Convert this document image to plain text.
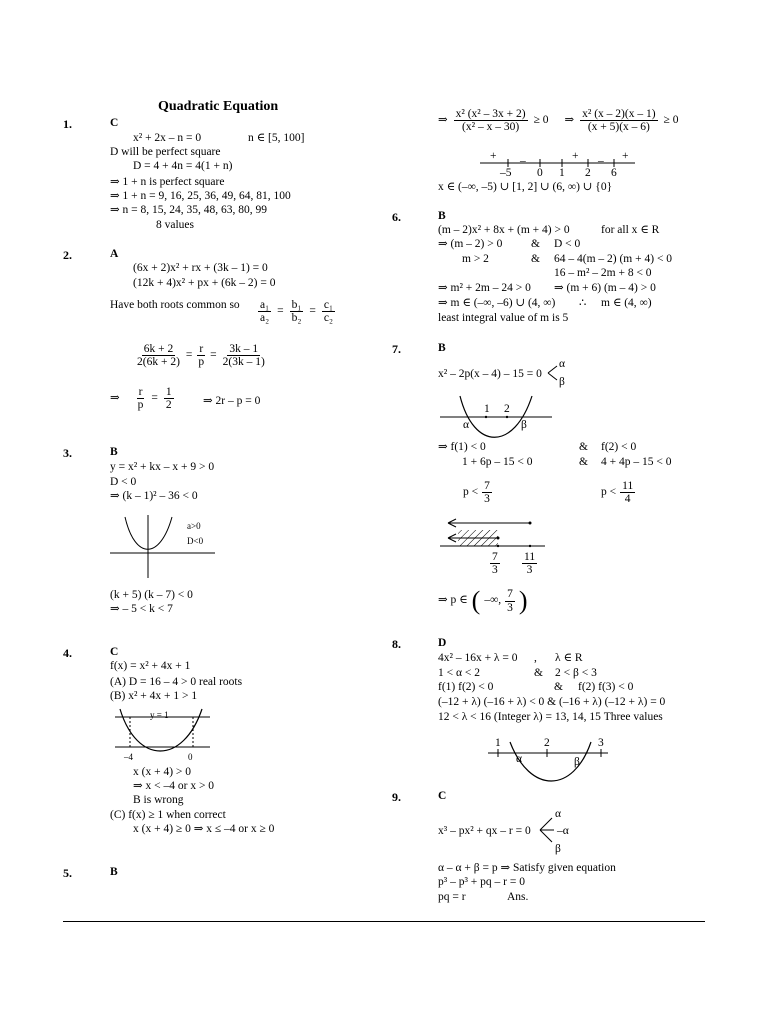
Quadratic Equation
1.	C
x² + 2x – n = 0	n ∈ [5, 100]
D will be perfect square
D = 4 + 4n = 4(1 + n)
⇒ 1 + n is perfect square
⇒ 1 + n = 9, 16, 25, 36, 49, 64, 81, 100
⇒ n = 8, 15, 24, 35, 48, 63, 80, 99
8 values
2.	A
(6x + 2)x² + rx + (3k – 1) = 0
(12k + 4)x² + px + (6k – 2) = 0
Have both roots common so $\frac{\text{a₁}}{\text{a₂}} = \frac{\text{b₁}}{\text{b₂}} = \frac{\text{c₁}}{\text{c₂}}$
$\frac{6k + 2}{2(6k + 2)} = \frac{r}{p} = \frac{3k - 1}{2(3k - 1)}$
⇒ $\frac{r}{p} = \frac{1}{2}$	⇒ 2r – p = 0
3.	B
y = x² + kx – x + 9 > 0
D < 0
⇒ (k – 1)² – 36 < 0
a>0
D<0
(k + 5) (k – 7) < 0
⇒ – 5 < k < 7
4.	C
f(x) = x² + 4x + 1
(A) D = 16 – 4 > 0 real roots
(B) x² + 4x + 1 > 1
y = 1
–4	0
x (x + 4) > 0
⇒ x < –4 or x > 0
B is wrong
(C) f(x) ≥ 1 when correct
x (x + 4) ≥ 0 ⇒ x ≤ –4 or x ≥ 0
5.	B
⇒ $\frac{\text{x² (x² – 3x + 2)}}{\text{(x² – x – 30)}} \ge 0$ ⇒ $\frac{\text{x² (x – 2)(x – 1)}}{(x + 5)(x - 6)} \ge 0$
+ –	+ – +
–5 0 1 2 6
x ∈ (–∞, –5) ∪ [1, 2] ∪ (6, ∞) ∪ {0}
6.	B
(m – 2)x² + 8x + (m + 4) > 0	for all x ∈ R
⇒ (m – 2) > 0 & D < 0
m > 2	& 64 – 4(m – 2) (m + 4) < 0
16 – m² – 2m + 8 < 0
⇒ m² + 2m – 24 > 0 ⇒ (m + 6) (m – 4) > 0
⇒ m ∈ (–∞, –6) ∪ (4, ∞) ∴ m ∈ (4, ∞)
least integral value of m is 5
7.	B
x² – 2p(x – 4) – 15 = 0
α
β
1 2
α	β
⇒ f(1) < 0	& f(2) < 0
1 + 6p – 15 < 0	& 4 + 4p – 15 < 0
$p < \frac{7}{3}$	$p < \frac{11}{4}$
$\frac{7}{3} \frac{11}{3}$
⇒ p ∈ ( –∞, $\frac{7}{3}$ )
8.	D
4x² – 16x + λ = 0 , λ ∈ R
1 < α < 2	& 2 < β < 3
f(1) f(2) < 0	& f(2) f(3) < 0
(–12 + λ) (–16 + λ) < 0 & (–16 + λ) (–12 + λ) = 0
12 < λ < 16 (Integer λ) = 13, 14, 15 Three values
1	2	3
α	β
9.	C
x³ – px² + qx – r = 0
α
–α
β
α – α + β = p ⇒ Satisfy given equation
p³ – p³ + pq – r = 0
pq = r	Ans.
